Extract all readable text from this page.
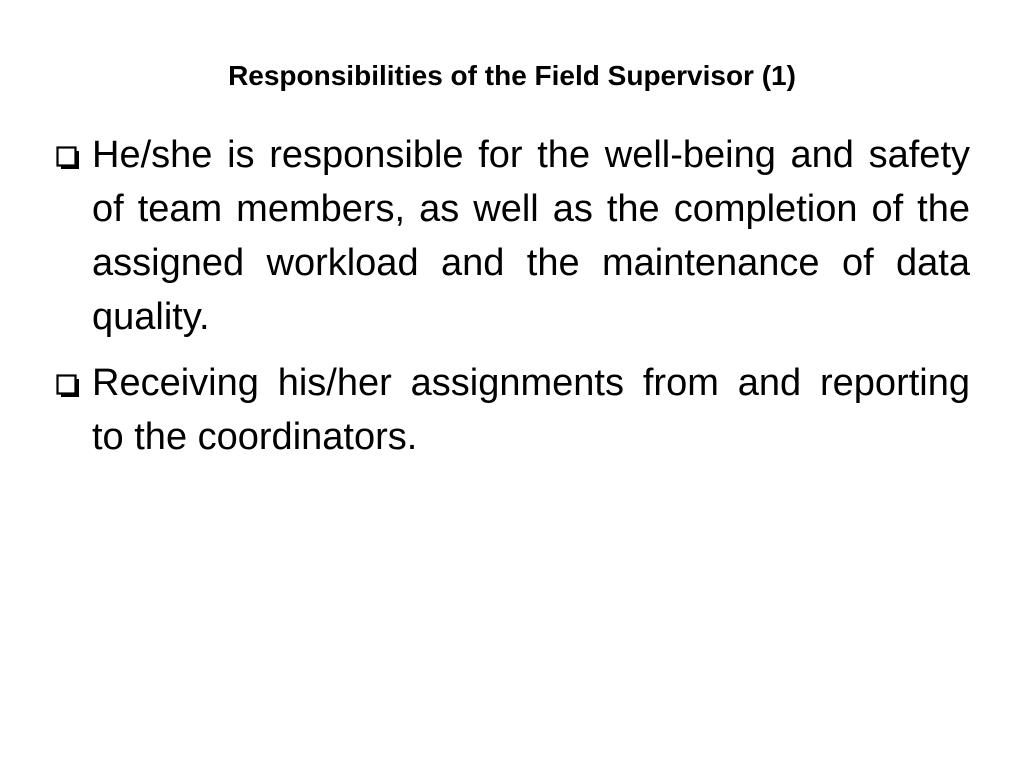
Responsibilities of the Field Supervisor (1)
He/she is responsible for the well-being and safety of team members, as well as the completion of the assigned workload and the maintenance of data quality.
Receiving his/her assignments from and reporting to the coordinators.
